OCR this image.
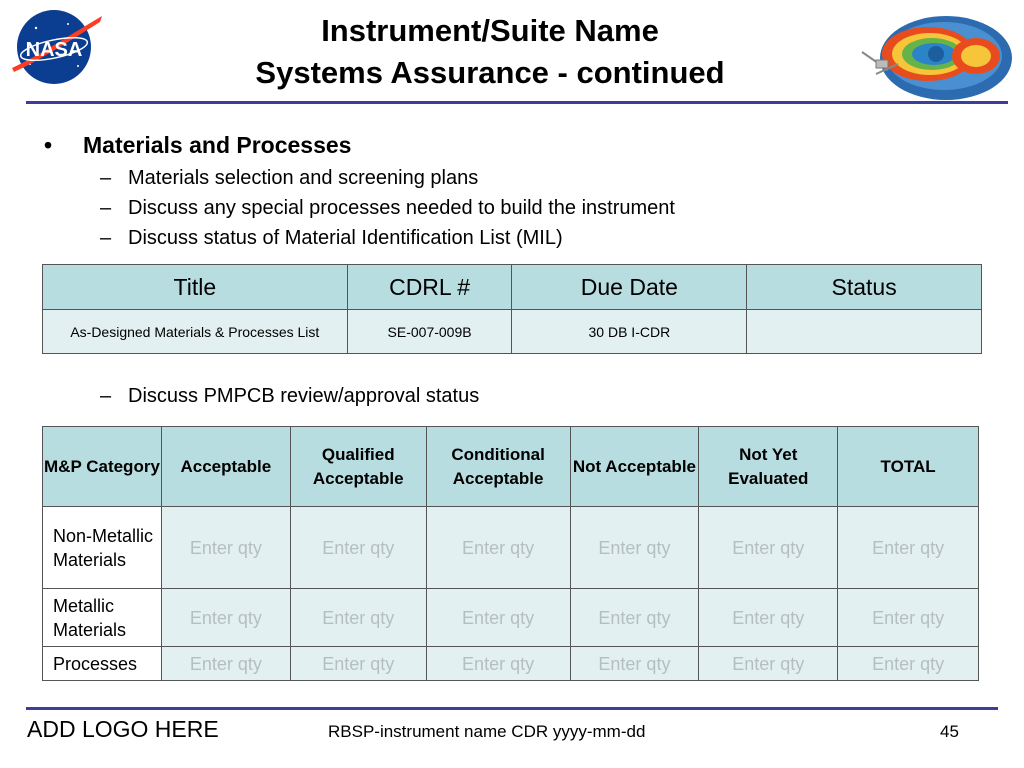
NASA
Instrument/Suite Name
Systems Assurance - continued
• Materials and Processes
– Materials selection and screening plans
– Discuss any special processes needed to build the instrument
– Discuss status of Material Identification List (MIL)
Title	CDRL #	Due Date	Status
As-Designed Materials & Processes List	SE-007-009B	30 DB I-CDR	
– Discuss PMPCB review/approval status
M&P Category	Acceptable	Qualified Acceptable	Conditional Acceptable	Not Acceptable	Not Yet Evaluated	TOTAL
Non-Metallic Materials	Enter qty	Enter qty	Enter qty	Enter qty	Enter qty	Enter qty
Metallic Materials	Enter qty	Enter qty	Enter qty	Enter qty	Enter qty	Enter qty
Processes	Enter qty	Enter qty	Enter qty	Enter qty	Enter qty	Enter qty
ADD LOGO HERE	RBSP-instrument name CDR yyyy-mm-dd	45
